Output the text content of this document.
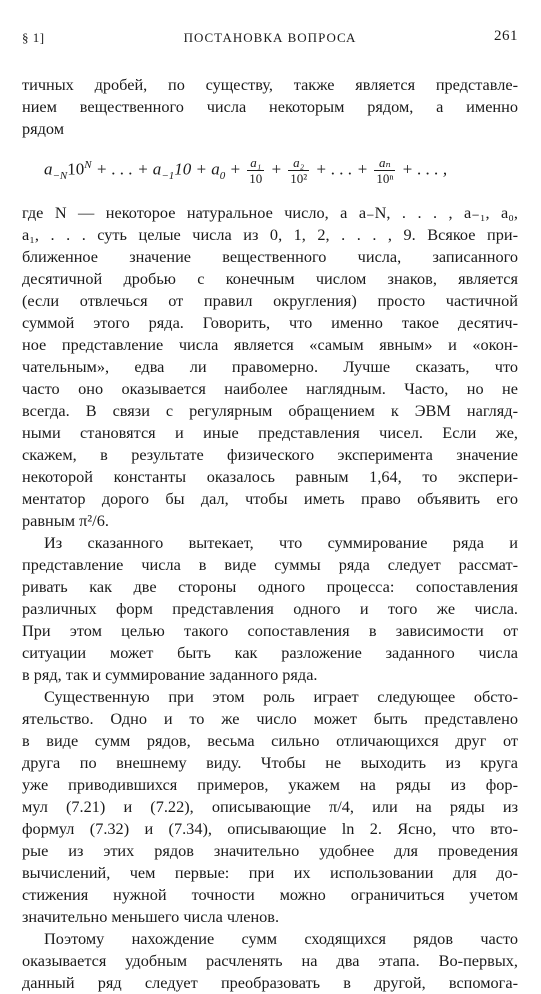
§ 1]	ПОСТАНОВКА ВОПРОСА	261
тичных дробей, по существу, также является представле-
нием вещественного числа некоторым рядом, а именно
рядом
$a_{-N}10^N$ + . . . + $a_{-1}10 + a_0 + \frac{\text{a₁}}{10} + \frac{\text{a₂}}{\text{10²}}$ + . . . + $\frac{\text{aₙ}}{\text{10ⁿ}}$ + . . . ,
где N — некоторое натуральное число, а a₋N, . . . , a₋₁, a₀,
a₁, . . . суть целые числа из 0, 1, 2, . . . , 9. Всякое при-
ближенное значение вещественного числа, записанного
десятичной дробью с конечным числом знаков, является
(если отвлечься от правил округления) просто частичной
суммой этого ряда. Говорить, что именно такое десятич-
ное представление числа является «самым явным» и «окон-
чательным», едва ли правомерно. Лучше сказать, что
часто оно оказывается наиболее наглядным. Часто, но не
всегда. В связи с регулярным обращением к ЭВМ нагляд-
ными становятся и иные представления чисел. Если же,
скажем, в результате физического эксперимента значение
некоторой константы оказалось равным 1,64, то экспери-
ментатор дорого бы дал, чтобы иметь право объявить его
равным π²/6.
Из сказанного вытекает, что суммирование ряда и
представление числа в виде суммы ряда следует рассмат-
ривать как две стороны одного процесса: сопоставления
различных форм представления одного и того же числа.
При этом целью такого сопоставления в зависимости от
ситуации может быть как разложение заданного числа
в ряд, так и суммирование заданного ряда.
Существенную при этом роль играет следующее обсто-
ятельство. Одно и то же число может быть представлено
в виде сумм рядов, весьма сильно отличающихся друг от
друга по внешнему виду. Чтобы не выходить из круга
уже приводившихся примеров, укажем на ряды из фор-
мул (7.21) и (7.22), описывающие π/4, или на ряды из
формул (7.32) и (7.34), описывающие ln 2. Ясно, что вто-
рые из этих рядов значительно удобнее для проведения
вычислений, чем первые: при их использовании для до-
стижения нужной точности можно ограничиться учетом
значительно меньшего числа членов.
Поэтому нахождение сумм сходящихся рядов часто
оказывается удобным расчленять на два этапа. Во-первых,
данный ряд следует преобразовать в другой, вспомога-
